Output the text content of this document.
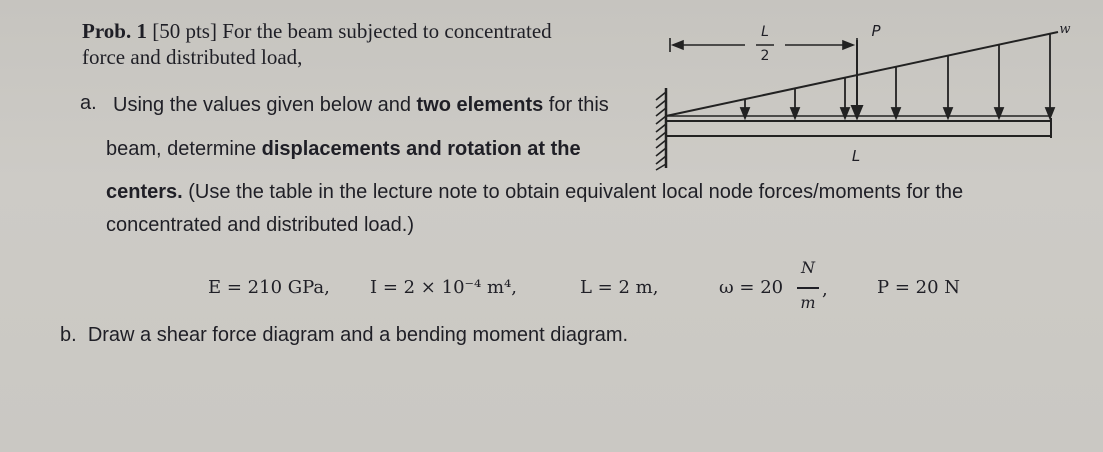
Prob. 1 [50 pts] For the beam subjected to concentrated
force and distributed load,
a. Using the values given below and two elements for this
beam, determine displacements and rotation at the
centers. (Use the table in the lecture note to obtain equivalent local node forces/moments for the
concentrated and distributed load.)
E = 210 GPa, I = 2 × 10⁻⁴ m⁴,	L = 2 m,	ω = 20
N
m
,	P = 20 N
b. Draw a shear force diagram and a bending moment diagram.
L
2
P	w
L
